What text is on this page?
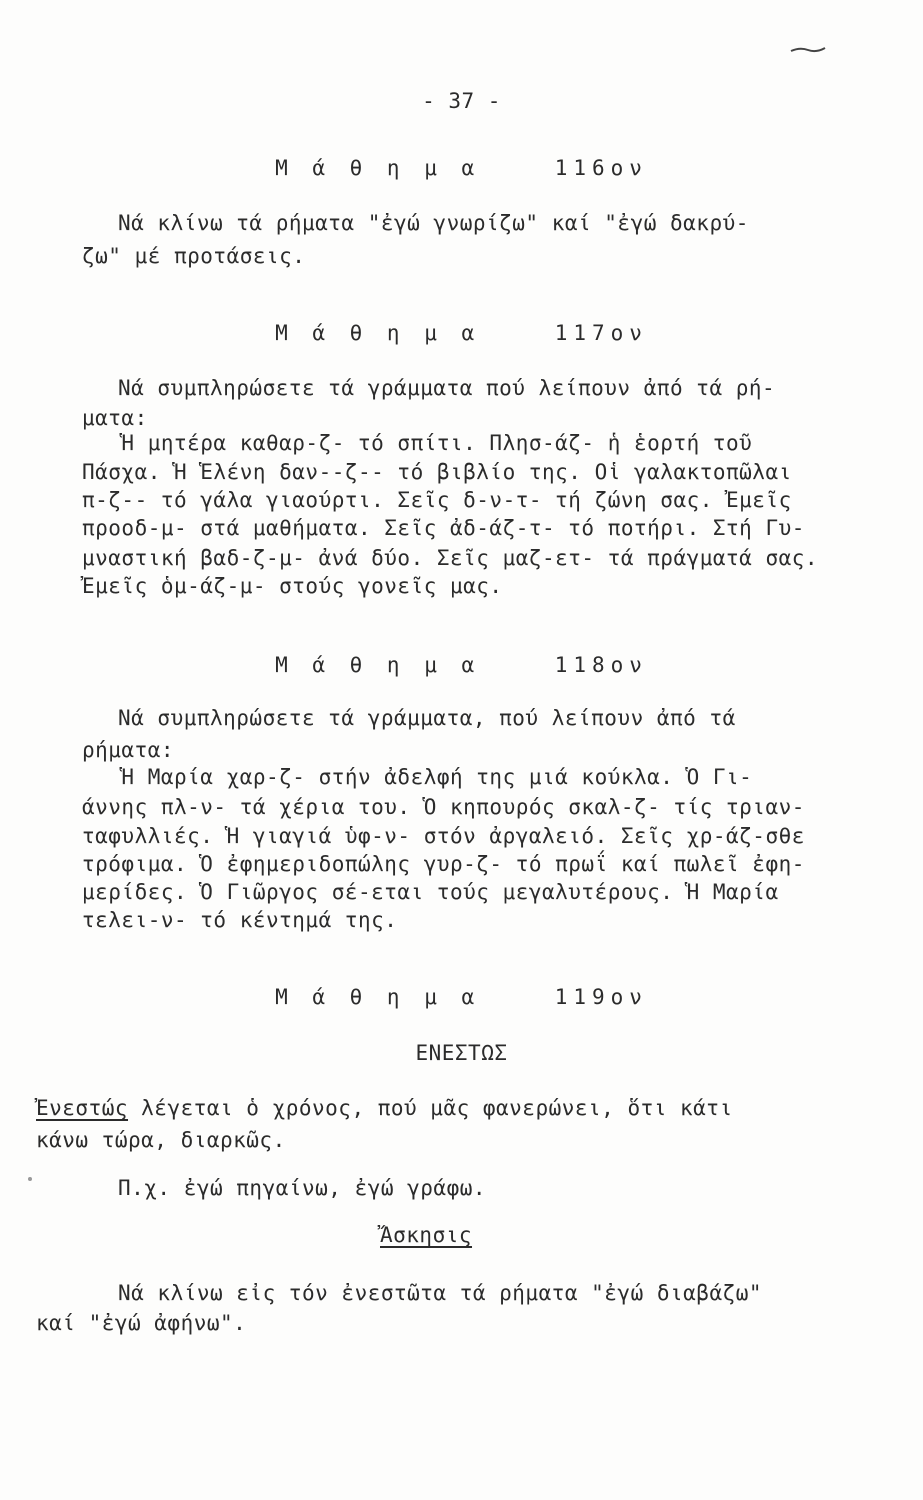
- 37 -
Μ ά θ η μ α    116ον
Νά κλίνω τά ρήματα "ἐγώ γνωρίζω" καί "ἐγώ δακρύ-
ζω" μέ προτάσεις.
Μ ά θ η μ α    117ον
Νά συμπληρώσετε τά γράμματα πού λείπουν ἀπό τά ρή-
ματα:
Ἡ μητέρα καθαρ-ζ- τό σπίτι. Πλησ-άζ- ἡ ἑορτή τοῦ
Πάσχα. Ἡ Ἑλένη δαν--ζ-- τό βιβλίο της. Οἱ γαλακτοπῶλαι
π-ζ-- τό γάλα γιαούρτι. Σεῖς δ-ν-τ- τή ζώνη σας. Ἐμεῖς
προοδ-μ- στά μαθήματα. Σεῖς ἀδ-άζ-τ- τό ποτήρι. Στή Γυ-
μναστική βαδ-ζ-μ- ἀνά δύο. Σεῖς μαζ-ετ- τά πράγματά σας.
Ἐμεῖς ὁμ-άζ-μ- στούς γονεῖς μας.
Μ ά θ η μ α    118ον
Νά συμπληρώσετε τά γράμματα, πού λείπουν ἀπό τά
ρήματα:
Ἡ Μαρία χαρ-ζ- στήν ἀδελφή της μιά κούκλα. Ὁ Γι-
άννης πλ-ν- τά χέρια του. Ὁ κηπουρός σκαλ-ζ- τίς τριαν-
ταφυλλιές. Ἡ γιαγιά ὑφ-ν- στόν ἀργαλειό. Σεῖς χρ-άζ-σθε
τρόφιμα. Ὁ ἐφημεριδοπώλης γυρ-ζ- τό πρωΐ καί πωλεῖ ἐφη-
μερίδες. Ὁ Γιῶργος σέ-εται τούς μεγαλυτέρους. Ἡ Μαρία
τελει-ν- τό κέντημά της.
Μ ά θ η μ α    119ον
ΕΝΕΣΤΩΣ
Ἐνεστώς λέγεται ὁ χρόνος, πού μᾶς φανερώνει, ὅτι κάτι
κάνω τώρα, διαρκῶς.
Π.χ. ἐγώ πηγαίνω, ἐγώ γράφω.
Ἄσκησις
Νά κλίνω εἰς τόν ἐνεστῶτα τά ρήματα "ἐγώ διαβάζω"
καί "ἐγώ ἀφήνω".
